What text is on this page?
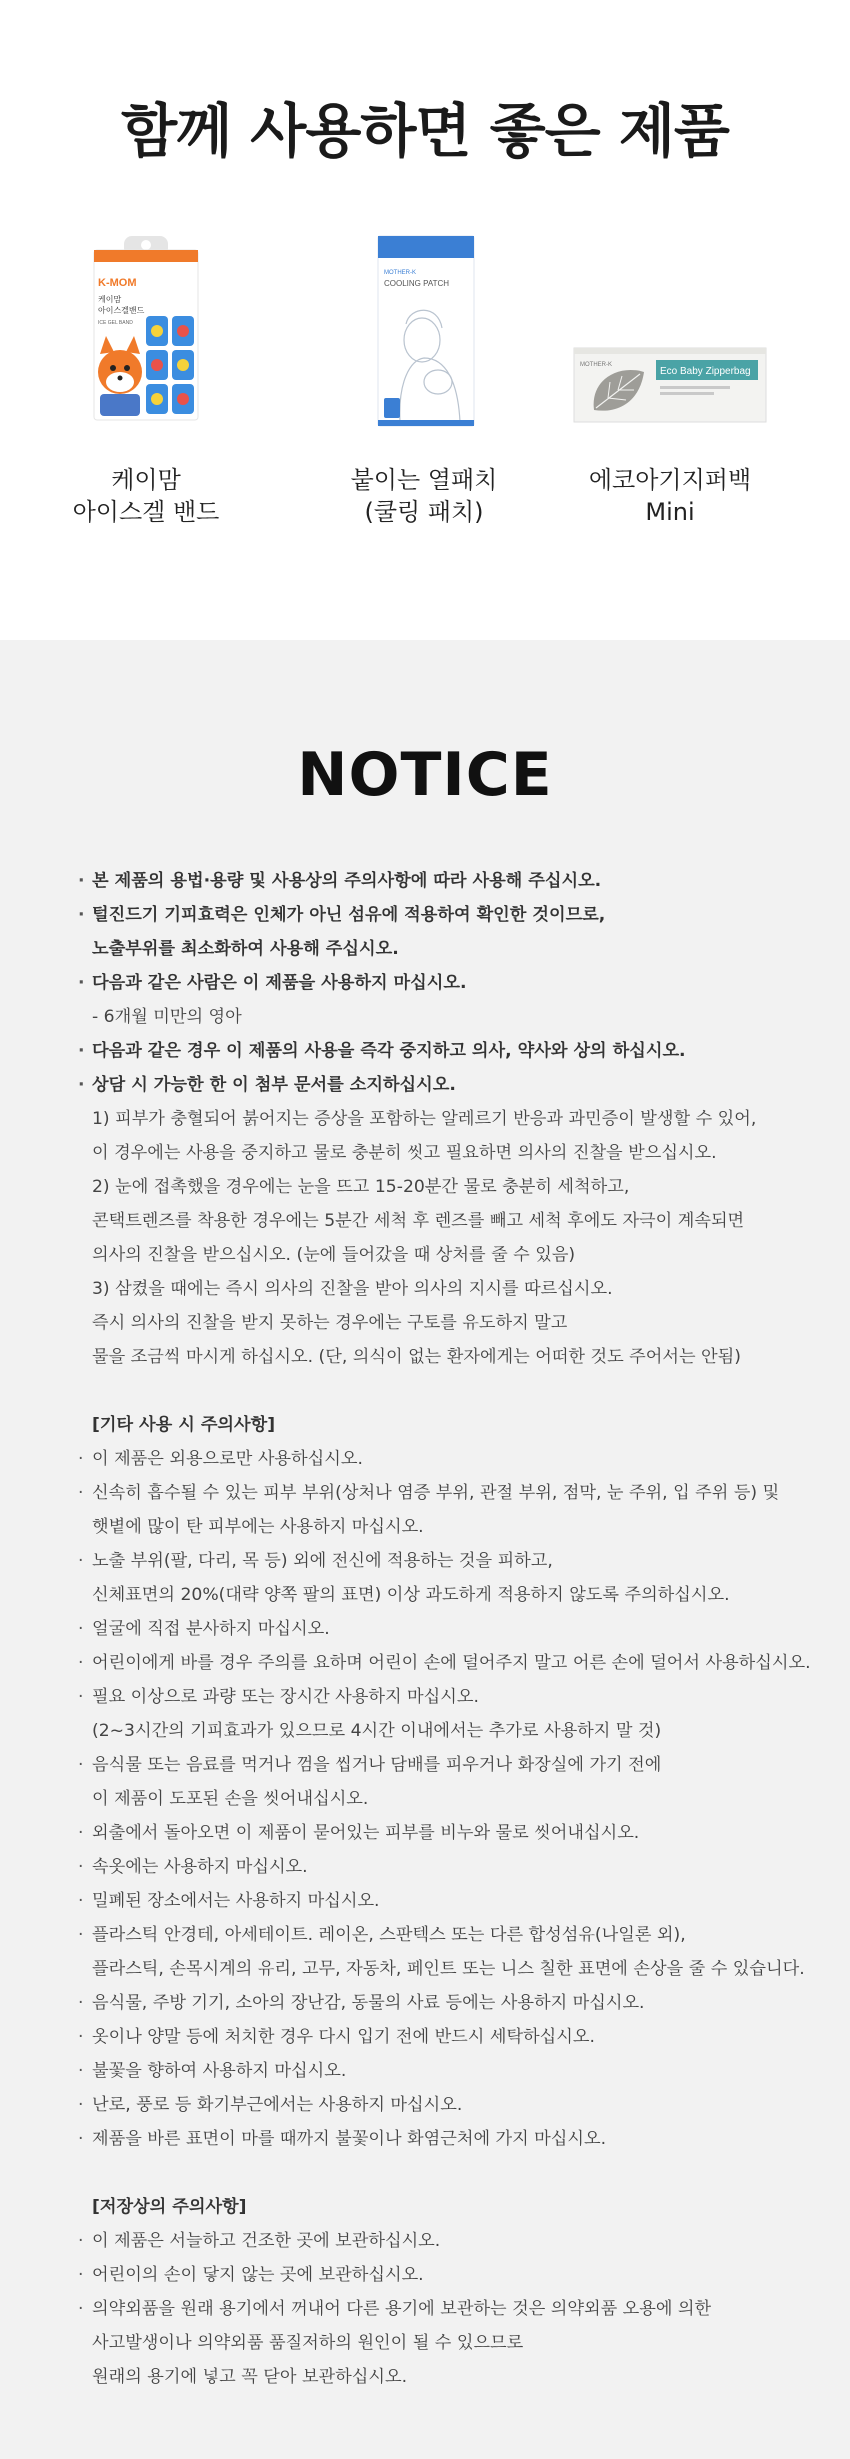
함께 사용하면 좋은 제품
K-MOM
케이맘
아이스겔밴드
ICE GEL BAND
케이맘
아이스겔 밴드
MOTHER-K
COOLING PATCH
붙이는 열패치
(쿨링 패치)
MOTHER-K
Eco Baby Zipperbag
에코아기지퍼백
Mini
NOTICE
· 본 제품의 용법·용량 및 사용상의 주의사항에 따라 사용해 주십시오.
· 털진드기 기피효력은 인체가 아닌 섬유에 적용하여 확인한 것이므로,
노출부위를 최소화하여 사용해 주십시오.
· 다음과 같은 사람은 이 제품을 사용하지 마십시오.
- 6개월 미만의 영아
· 다음과 같은 경우 이 제품의 사용을 즉각 중지하고 의사, 약사와 상의 하십시오.
· 상담 시 가능한 한 이 첨부 문서를 소지하십시오.
1) 피부가 충혈되어 붉어지는 증상을 포함하는 알레르기 반응과 과민증이 발생할 수 있어,
이 경우에는 사용을 중지하고 물로 충분히 씻고 필요하면 의사의 진찰을 받으십시오.
2) 눈에 접촉했을 경우에는 눈을 뜨고 15-20분간 물로 충분히 세척하고,
콘택트렌즈를 착용한 경우에는 5분간 세척 후 렌즈를 빼고 세척 후에도 자극이 계속되면
의사의 진찰을 받으십시오. (눈에 들어갔을 때 상처를 줄 수 있음)
3) 삼켰을 때에는 즉시 의사의 진찰을 받아 의사의 지시를 따르십시오.
즉시 의사의 진찰을 받지 못하는 경우에는 구토를 유도하지 말고
물을 조금씩 마시게 하십시오. (단, 의식이 없는 환자에게는 어떠한 것도 주어서는 안됨)
[기타 사용 시 주의사항]
· 이 제품은 외용으로만 사용하십시오.
· 신속히 흡수될 수 있는 피부 부위(상처나 염증 부위, 관절 부위, 점막, 눈 주위, 입 주위 등) 및
햇볕에 많이 탄 피부에는 사용하지 마십시오.
· 노출 부위(팔, 다리, 목 등) 외에 전신에 적용하는 것을 피하고,
신체표면의 20%(대략 양쪽 팔의 표면) 이상 과도하게 적용하지 않도록 주의하십시오.
· 얼굴에 직접 분사하지 마십시오.
· 어린이에게 바를 경우 주의를 요하며 어린이 손에 덜어주지 말고 어른 손에 덜어서 사용하십시오.
· 필요 이상으로 과량 또는 장시간 사용하지 마십시오.
(2~3시간의 기피효과가 있으므로 4시간 이내에서는 추가로 사용하지 말 것)
· 음식물 또는 음료를 먹거나 껌을 씹거나 담배를 피우거나 화장실에 가기 전에
이 제품이 도포된 손을 씻어내십시오.
· 외출에서 돌아오면 이 제품이 묻어있는 피부를 비누와 물로 씻어내십시오.
· 속옷에는 사용하지 마십시오.
· 밀폐된 장소에서는 사용하지 마십시오.
· 플라스틱 안경테, 아세테이트. 레이온, 스판텍스 또는 다른 합성섬유(나일론 외),
플라스틱, 손목시계의 유리, 고무, 자동차, 페인트 또는 니스 칠한 표면에 손상을 줄 수 있습니다.
· 음식물, 주방 기기, 소아의 장난감, 동물의 사료 등에는 사용하지 마십시오.
· 옷이나 양말 등에 처치한 경우 다시 입기 전에 반드시 세탁하십시오.
· 불꽃을 향하여 사용하지 마십시오.
· 난로, 풍로 등 화기부근에서는 사용하지 마십시오.
· 제품을 바른 표면이 마를 때까지 불꽃이나 화염근처에 가지 마십시오.
[저장상의 주의사항]
· 이 제품은 서늘하고 건조한 곳에 보관하십시오.
· 어린이의 손이 닿지 않는 곳에 보관하십시오.
· 의약외품을 원래 용기에서 꺼내어 다른 용기에 보관하는 것은 의약외품 오용에 의한
사고발생이나 의약외품 품질저하의 원인이 될 수 있으므로
원래의 용기에 넣고 꼭 닫아 보관하십시오.
